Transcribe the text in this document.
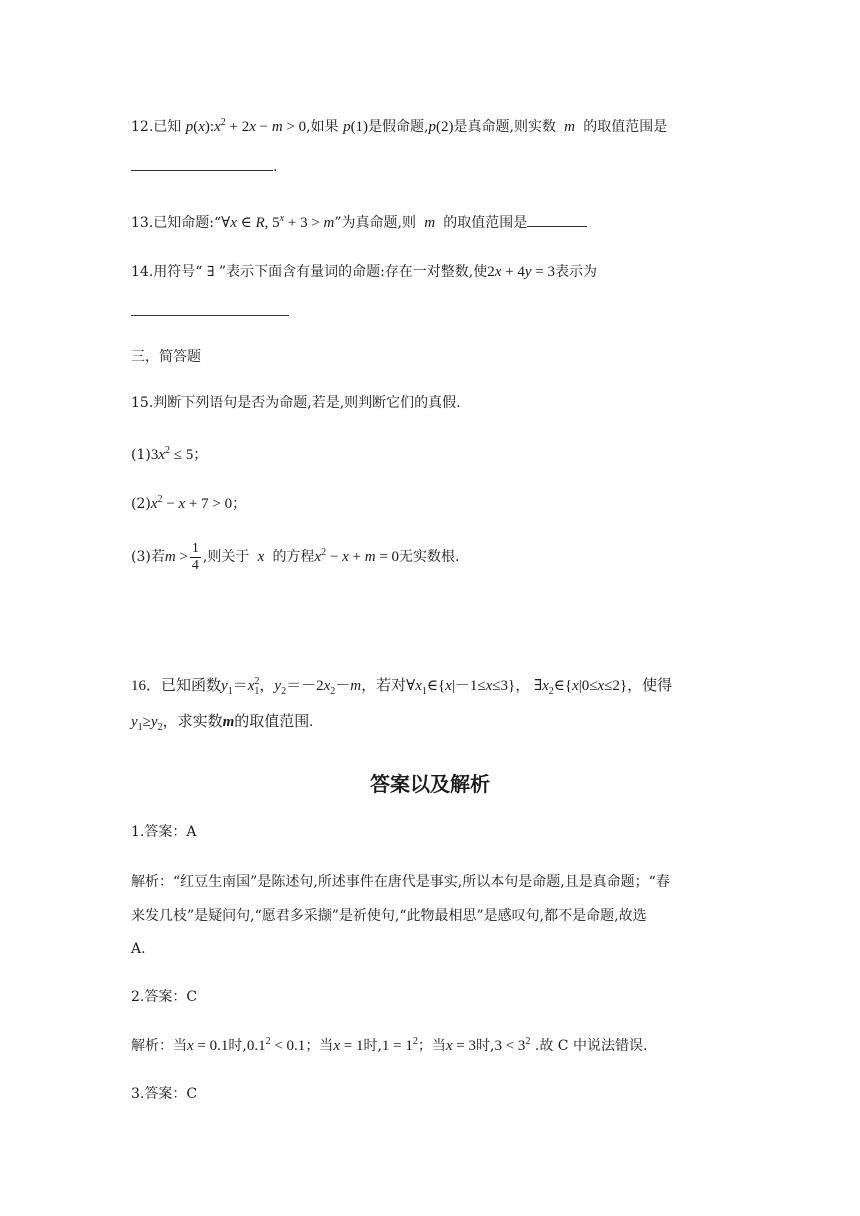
12.已知 $p(x):x^2 + 2x - m > 0$,如果 p(1)是假命题,p(2)是真命题,则实数  m  的取值范围是
.
13.已知命题:“∀x ∈ R, $5^x + 3 > m$”为真命题,则  m  的取值范围是
14.用符号“ ∃ ”表示下面含有量词的命题:存在一对整数,使2x + 4y = 3表示为
三，简答题
15.判断下列语句是否为命题,若是,则判断它们的真假.
$(1)3x^2 \le 5$；
$(2)x^2 - x + 7 > 0$；
(3)若$m > \frac{1}{4}$ ,则关于  x  的方程$x^2 - x + m = 0$无实数根.
16．已知函数$y_1=x^2_1$，$y_2=-2x_2-m$，若对$\forall x_1\in\{x|-1\le x\le 3\}$， $\exists x_2\in\{x|0\le x\le 2\}$，使得
$y_1\ge y_2$，求实数m的取值范围.
答案以及解析
1.答案：A
解析：“红豆生南国”是陈述句,所述事件在唐代是事实,所以本句是命题,且是真命题；“春
来发几枝”是疑问句,“愿君多采撷”是祈使句,“此物最相思”是感叹句,都不是命题,故选
A.
2.答案：C
解析：当x = 0.1时$,0.1^2 < 0.1$；当x = 1时$,1 = 1^2$；当x = 3时$,3 < 3^2$ .故 C 中说法错误.
3.答案：C
